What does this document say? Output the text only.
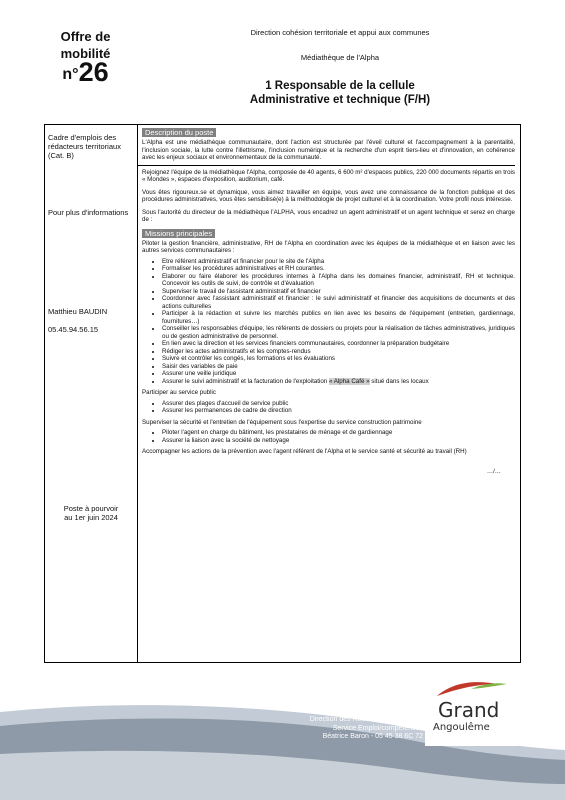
Offre de
mobilité
n°26
Direction cohésion territoriale et appui aux communes
Médiathèque de l'Alpha
1 Responsable de la cellule
Administrative et technique (F/H)
Cadre d'emplois des rédacteurs territoriaux (Cat. B)
Pour plus d'informations
Matthieu BAUDIN
05.45.94.56.15
Poste à pourvoir
au 1er juin 2024
Description du poste
L'Alpha est une médiathèque communautaire, dont l'action est structurée par l'éveil culturel et l'accompagnement à la parentalité, l'inclusion sociale, la lutte contre l'illettrisme, l'inclusion numérique et la recherche d'un esprit tiers-lieu et d'innovation, en cohérence avec les enjeux sociaux et environnementaux de la communauté.
Rejoignez l'équipe de la médiathèque l'Alpha, composée de 40 agents, 6 600 m² d'espaces publics, 220 000 documents répartis en trois « Mondes », espaces d'exposition, auditorium, café.
Vous êtes rigoureux.se et dynamique, vous aimez travailler en équipe, vous avez une connaissance de la fonction publique et des procédures administratives, vous êtes sensibilisé(e) à la méthodologie de projet culturel et à la coordination. Votre profil nous intéresse.
Sous l'autorité du directeur de la médiathèque l'ALPHA, vous encadrez un agent administratif et un agent technique et serez en charge de :
Missions principales
Piloter la gestion financière, administrative, RH de l'Alpha en coordination avec les équipes de la médiathèque et en liaison avec les autres services communautaires :
• Etre référent administratif et financier pour le site de l'Alpha
• Formaliser les procédures administratives et RH courantes.
• Elaborer ou faire élaborer les procédures internes à l'Alpha dans les domaines financier, administratif, RH et technique. Concevoir les outils de suivi, de contrôle et d'évaluation
• Superviser le travail de l'assistant administratif et financier
• Coordonner avec l'assistant administratif et financier : le suivi administratif et financier des acquisitions de documents et des actions culturelles
• Participer à la rédaction et suivre les marchés publics en lien avec les besoins de l'équipement (entretien, gardiennage, fournitures…)
• Conseiller les responsables d'équipe, les référents de dossiers ou projets pour la réalisation de tâches administratives, juridiques ou de gestion administrative de personnel.
• En lien avec la direction et les services financiers communautaires, coordonner la préparation budgétaire
• Rédiger les actes administratifs et les comptes-rendus
• Suivre et contrôler les congés, les formations et les évaluations
• Saisir des variables de paie
• Assurer une veille juridique
• Assurer le suivi administratif et la facturation de l'exploitation « Alpha Café » situé dans les locaux
Participer au service public
• Assurer des plages d'accueil de service public
• Assurer les permanences de cadre de direction
Superviser la sécurité et l'entretien de l'équipement sous l'expertise du service construction patrimoine
• Piloter l'agent en charge du bâtiment, les prestataires de ménage et de gardiennage
• Assurer la liaison avec la société de nettoyage
Accompagner les actions de la prévention avec l'agent référent de l'Alpha et le service santé et sécurité au travail (RH)
…/…
Direction des Ressources Humaines
Service Emploi/compétences
Béatrice Baron - 05 45 38 6C 72
Grand
Angoulême
